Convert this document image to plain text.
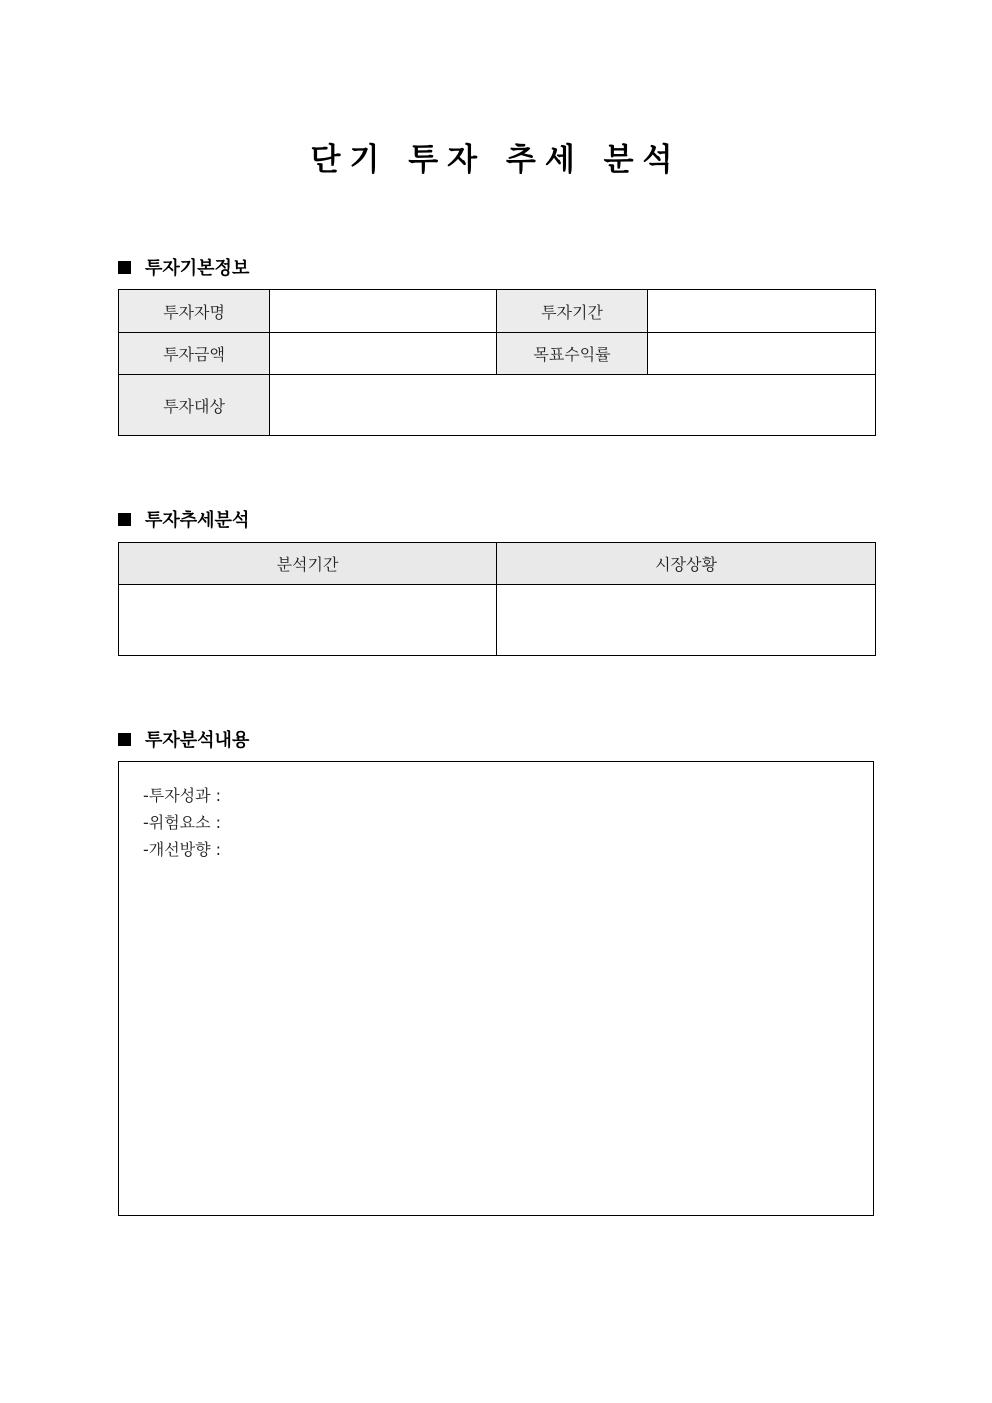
단기 투자 추세 분석
투자기본정보
투자자명		투자기간	
투자금액		목표수익률	
투자대상			
투자추세분석
분석기간	시장상황

투자분석내용
-투자성과 :
-위험요소 :
-개선방향 :
